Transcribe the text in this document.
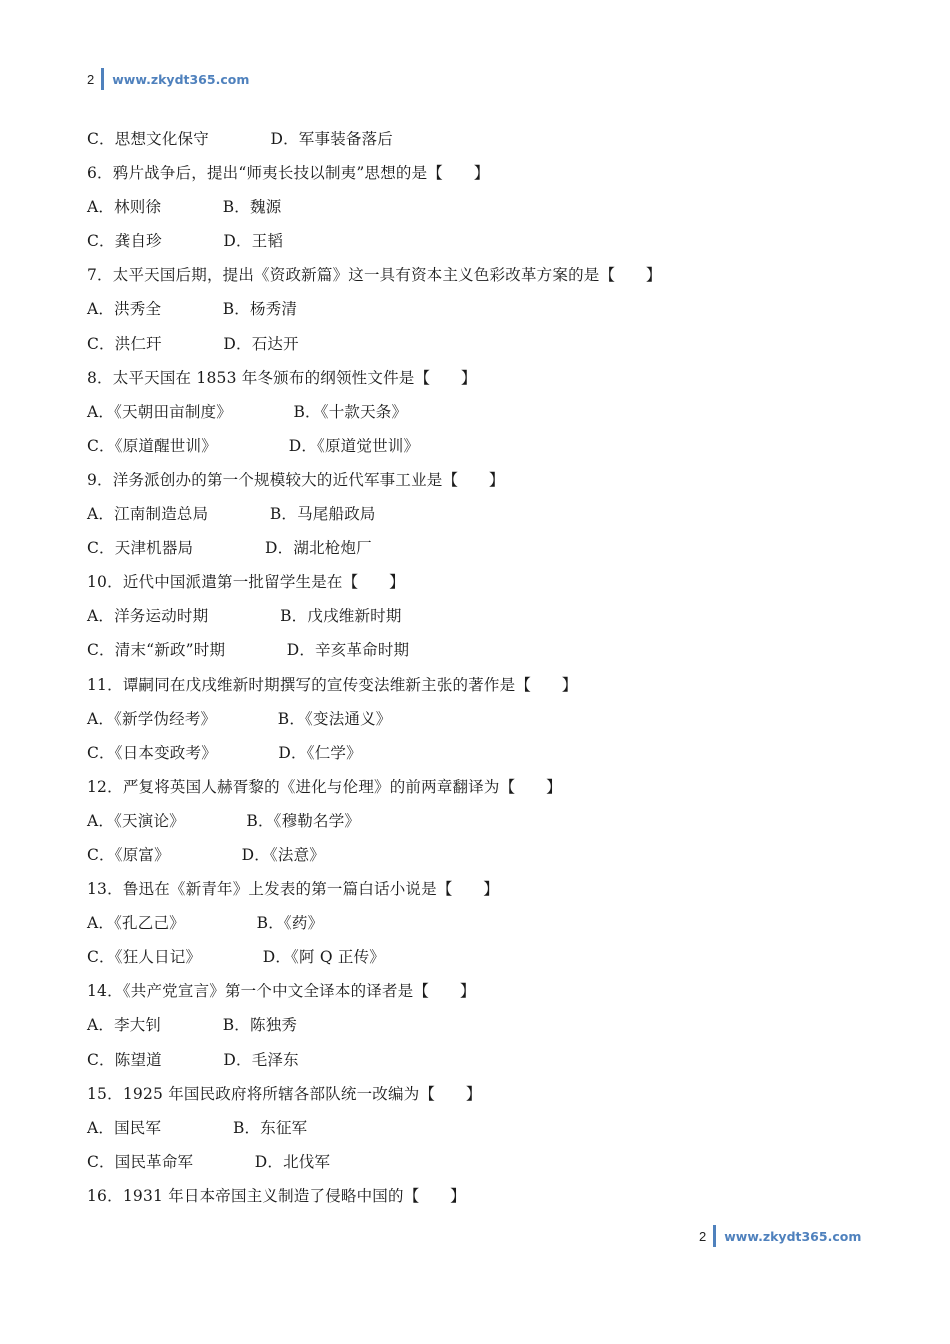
2 www.zkydt365.com
C．思想文化保守            D．军事装备落后
6．鸦片战争后，提出“师夷长技以制夷”思想的是【      】
A．林则徐            B．魏源
C．龚自珍            D．王韬
7．太平天国后期，提出《资政新篇》这一具有资本主义色彩改革方案的是【      】
A．洪秀全            B．杨秀清
C．洪仁玕            D．石达开
8．太平天国在 1853 年冬颁布的纲领性文件是【      】
A．《天朝田亩制度》            B．《十款天条》
C．《原道醒世训》              D．《原道觉世训》
9．洋务派创办的第一个规模较大的近代军事工业是【      】
A．江南制造总局            B．马尾船政局
C．天津机器局              D．湖北枪炮厂
10．近代中国派遣第一批留学生是在【      】
A．洋务运动时期              B．戊戌维新时期
C．清末“新政”时期            D．辛亥革命时期
11．谭嗣同在戊戌维新时期撰写的宣传变法维新主张的著作是【      】
A．《新学伪经考》            B．《变法通义》
C．《日本变政考》            D．《仁学》
12．严复将英国人赫胥黎的《进化与伦理》的前两章翻译为【      】
A．《天演论》            B．《穆勒名学》
C．《原富》              D．《法意》
13．鲁迅在《新青年》上发表的第一篇白话小说是【      】
A．《孔乙己》              B．《药》
C．《狂人日记》            D．《阿 Q 正传》
14．《共产党宣言》第一个中文全译本的译者是【      】
A．李大钊            B．陈独秀
C．陈望道            D．毛泽东
15．1925 年国民政府将所辖各部队统一改编为【      】
A．国民军              B．东征军
C．国民革命军            D．北伐军
16．1931 年日本帝国主义制造了侵略中国的【      】
2 www.zkydt365.com
